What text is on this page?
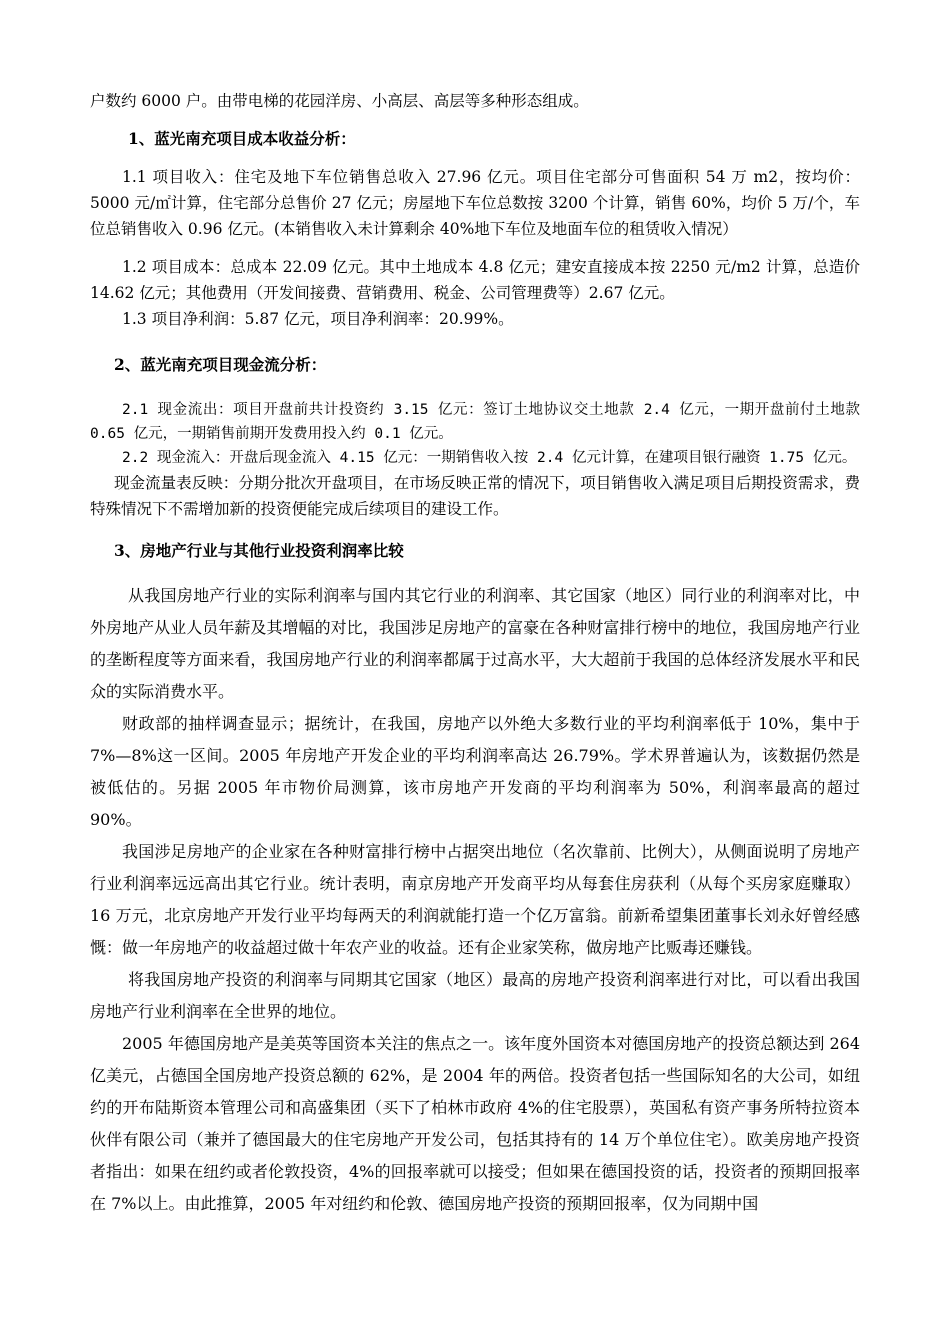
户数约 6000 户。由带电梯的花园洋房、小高层、高层等多种形态组成。

1、蓝光南充项目成本收益分析：

1.1 项目收入：住宅及地下车位销售总收入 27.96 亿元。项目住宅部分可售面积 54 万 m2，按均价：5000 元/㎡计算，住宅部分总售价 27 亿元；房屋地下车位总数按 3200 个计算，销售 60%，均价 5 万/个，车位总销售收入 0.96 亿元。(本销售收入未计算剩余 40%地下车位及地面车位的租赁收入情况）

1.2 项目成本：总成本 22.09 亿元。其中土地成本 4.8 亿元；建安直接成本按 2250 元/m2 计算，总造价 14.62 亿元；其他费用（开发间接费、营销费用、税金、公司管理费等）2.67 亿元。

1.3 项目净利润：5.87 亿元，项目净利润率：20.99%。

2、蓝光南充项目现金流分析：

2.1 现金流出：项目开盘前共计投资约 3.15 亿元：签订土地协议交土地款 2.4 亿元，一期开盘前付土地款 0.65 亿元，一期销售前期开发费用投入约 0.1 亿元。

2.2 现金流入：开盘后现金流入 4.15 亿元：一期销售收入按 2.4 亿元计算，在建项目银行融资 1.75 亿元。

现金流量表反映：分期分批次开盘项目，在市场反映正常的情况下，项目销售收入满足项目后期投资需求，费特殊情况下不需增加新的投资便能完成后续项目的建设工作。

3、房地产行业与其他行业投资利润率比较

从我国房地产行业的实际利润率与国内其它行业的利润率、其它国家（地区）同行业的利润率对比，中外房地产从业人员年薪及其增幅的对比，我国涉足房地产的富豪在各种财富排行榜中的地位，我国房地产行业的垄断程度等方面来看，我国房地产行业的利润率都属于过高水平，大大超前于我国的总体经济发展水平和民众的实际消费水平。

财政部的抽样调查显示；据统计，在我国，房地产以外绝大多数行业的平均利润率低于 10%，集中于 7%—8%这一区间。2005 年房地产开发企业的平均利润率高达 26.79%。学术界普遍认为，该数据仍然是被低估的。另据 2005 年市物价局测算，该市房地产开发商的平均利润率为 50%，利润率最高的超过 90%。

我国涉足房地产的企业家在各种财富排行榜中占据突出地位（名次靠前、比例大），从侧面说明了房地产行业利润率远远高出其它行业。统计表明，南京房地产开发商平均从每套住房获利（从每个买房家庭赚取）16 万元，北京房地产开发行业平均每两天的利润就能打造一个亿万富翁。前新希望集团董事长刘永好曾经感慨：做一年房地产的收益超过做十年农产业的收益。还有企业家笑称，做房地产比贩毒还赚钱。

将我国房地产投资的利润率与同期其它国家（地区）最高的房地产投资利润率进行对比，可以看出我国房地产行业利润率在全世界的地位。

2005 年德国房地产是美英等国资本关注的焦点之一。该年度外国资本对德国房地产的投资总额达到 264 亿美元，占德国全国房地产投资总额的 62%，是 2004 年的两倍。投资者包括一些国际知名的大公司，如纽约的开布陆斯资本管理公司和高盛集团（买下了柏林市政府 4%的住宅股票），英国私有资产事务所特拉资本伙伴有限公司（兼并了德国最大的住宅房地产开发公司，包括其持有的 14 万个单位住宅）。欧美房地产投资者指出：如果在纽约或者伦敦投资，4%的回报率就可以接受；但如果在德国投资的话，投资者的预期回报率在 7%以上。由此推算，2005 年对纽约和伦敦、德国房地产投资的预期回报率，仅为同期中国
